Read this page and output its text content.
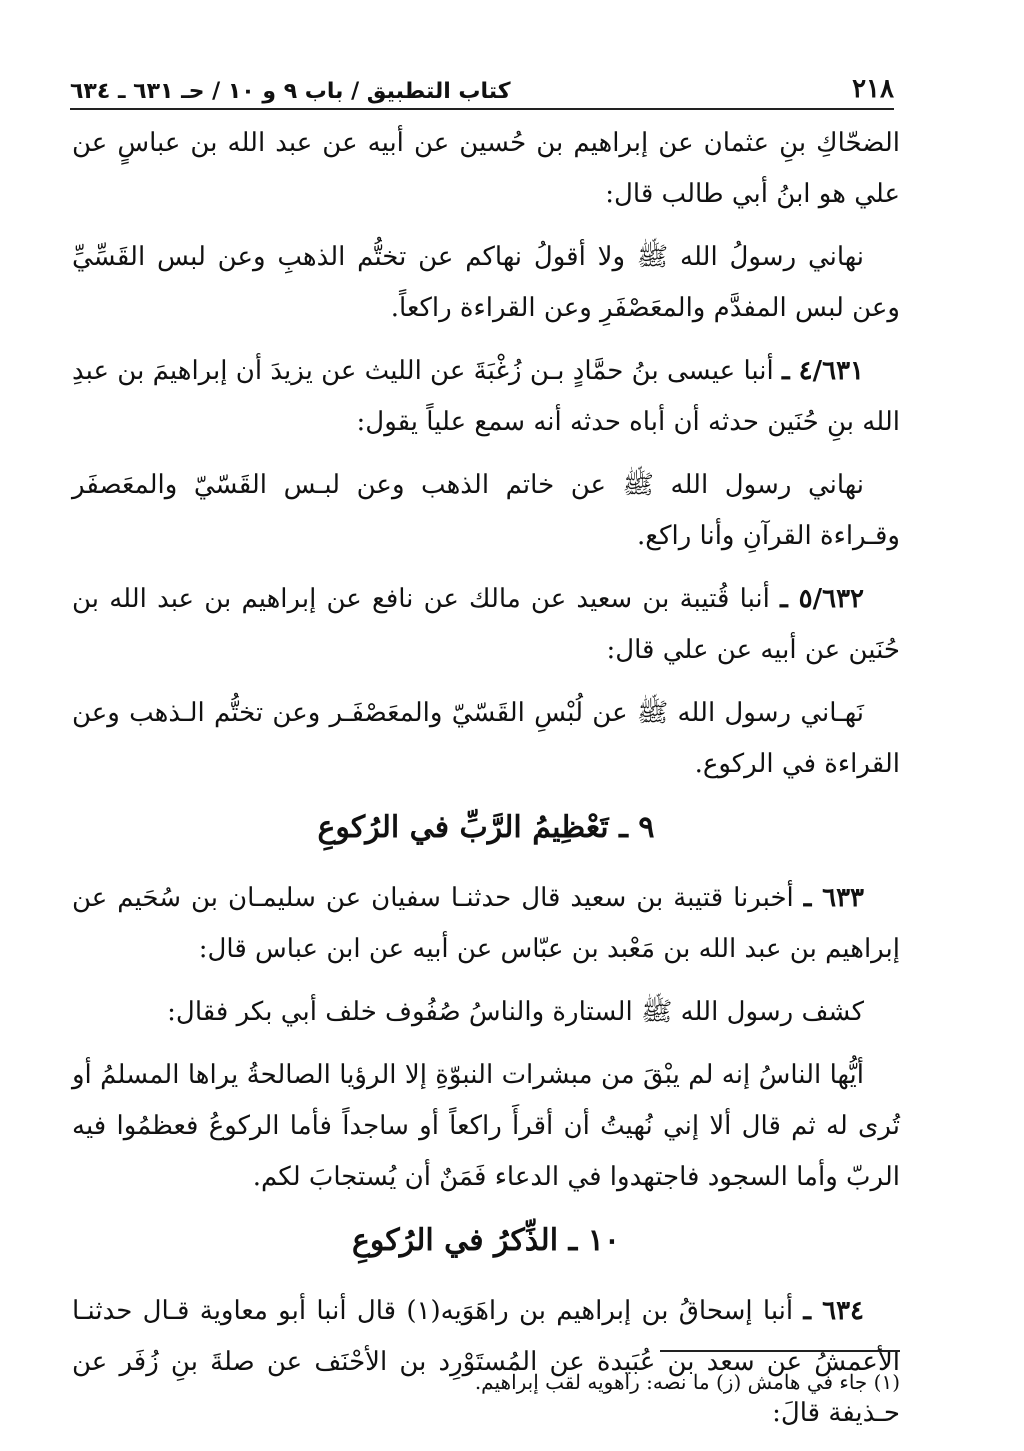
٢١٨
كتاب التطبيق / باب ٩ و ١٠ / حـ ٦٣١ ـ ٦٣٤

الضحّاكِ بنِ عثمان عن إبراهيم بن حُسين عن أبيه عن عبد الله بن عباسٍ عن علي هو ابنُ أبي طالب قال:

نهاني رسولُ الله ﷺ ولا أقولُ نهاكم عن تختُّم الذهبِ وعن لبس القَسِّيِّ وعن لبس المفدَّم والمعَصْفَرِ وعن القراءة راكعاً.

٤/٦٣١ ـ أنبا عيسى بنُ حمَّادٍ بـن زُغْبَةَ عن الليث عن يزيدَ أن إبراهيمَ بن عبدِ الله بنِ حُنَين حدثه أن أباه حدثه أنه سمع علياً يقول:

نهاني رسول الله ﷺ عن خاتم الذهب وعن لبـس القَسّيّ والمعَصفَر وقـراءة القرآنِ وأنا راكع.

٥/٦٣٢ ـ أنبا قُتيبة بن سعيد عن مالك عن نافع عن إبراهيم بن عبد الله بن حُنَين عن أبيه عن علي قال:

نَهـاني رسول الله ﷺ عن لُبْسِ القَسّيّ والمعَصْفَـر وعن تختُّم الـذهب وعن القراءة في الركوع.

٩ ـ تَعْظِيمُ الرَّبِّ في الرُكوعِ

٦٣٣ ـ أخبرنا قتيبة بن سعيد قال حدثنـا سفيان عن سليمـان بن سُحَيم عن إبراهيم بن عبد الله بن مَعْبد بن عبّاس عن أبيه عن ابن عباس قال:

كشف رسول الله ﷺ الستارة والناسُ صُفُوف خلف أبي بكر فقال:

أيُّها الناسُ إنه لم يبْقَ من مبشرات النبوّةِ إلا الرؤيا الصالحةُ يراها المسلمُ أو تُرى له ثم قال ألا إني نُهيتُ أن أقرأَ راكعاً أو ساجداً فأما الركوعُ فعظمُوا فيه الربّ وأما السجود فاجتهدوا في الدعاء فَمَنٌ أن يُستجابَ لكم.

١٠ ـ الذِّكرُ في الرُكوعِ

٦٣٤ ـ أنبا إسحاقُ بن إبراهيم بن راهَوَيه(١) قال أنبا أبو معاوية قـال حدثنـا الأعمشُ عن سعد بن عُبَيدة عن المُستَوْرِد بن الأحْنَف عن صلةَ بنِ زُفَر عن حـذيفة قالَ:

(١) جاء في هامش (ز) ما نصه: راهويه لقب إبراهيم.
